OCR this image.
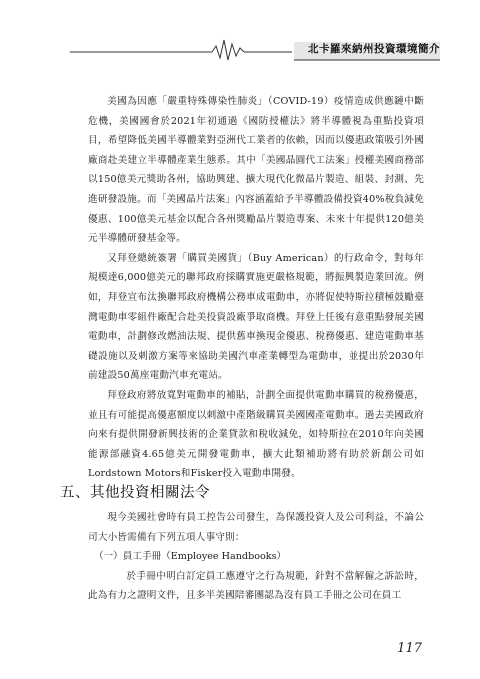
北卡羅來納州投資環境簡介

美國為因應「嚴重特殊傳染性肺炎」（COVID-19）疫情造成供應鏈中斷危機，美國國會於2021年初通過《國防授權法》將半導體視為重點投資項目，希望降低美國半導體業對亞洲代工業者的依賴，因而以優惠政策吸引外國廠商赴美建立半導體產業生態系。其中「美國晶圓代工法案」授權美國商務部以150億美元獎助各州，協助興建、擴大現代化微晶片製造、組裝、封測、先進研發設施。而「美國晶片法案」內容涵蓋給予半導體設備投資40%稅負減免優惠、100億美元基金以配合各州獎勵晶片製造專案、未來十年提供120億美元半導體研發基金等。

又拜登總統簽署「購買美國貨」（Buy American）的行政命令，對每年規模達6,000億美元的聯邦政府採購實施更嚴格規範，將振興製造業回流。例如，拜登宣布汰換聯邦政府機構公務車成電動車，亦將促使特斯拉積極鼓勵臺灣電動車零組件廠配合赴美投資設廠爭取商機。拜登上任後有意重點發展美國電動車，計劃修改燃油法規、提供舊車換現金優惠、稅務優惠、建造電動車基礎設施以及刺激方案等來協助美國汽車產業轉型為電動車，並提出於2030年前建設50萬座電動汽車充電站。

拜登政府將放寬對電動車的補貼，計劃全面提供電動車購買的稅務優惠，並且有可能提高優惠額度以刺激中產階級購買美國國產電動車。過去美國政府向來有提供開發新興技術的企業貸款和稅收減免，如特斯拉在2010年向美國能源部融資4.65億美元開發電動車，擴大此類補助將有助於新創公司如Lordstown Motors和Fisker投入電動車開發。

五、其他投資相關法令

現今美國社會時有員工控告公司發生，為保護投資人及公司利益，不論公司大小皆需備有下列五項人事守則：

（一）員工手冊（Employee Handbooks）

於手冊中明白訂定員工應遵守之行為規範，針對不當解僱之訴訟時，此為有力之證明文件，且多半美國陪審團認為沒有員工手冊之公司在員工

117
